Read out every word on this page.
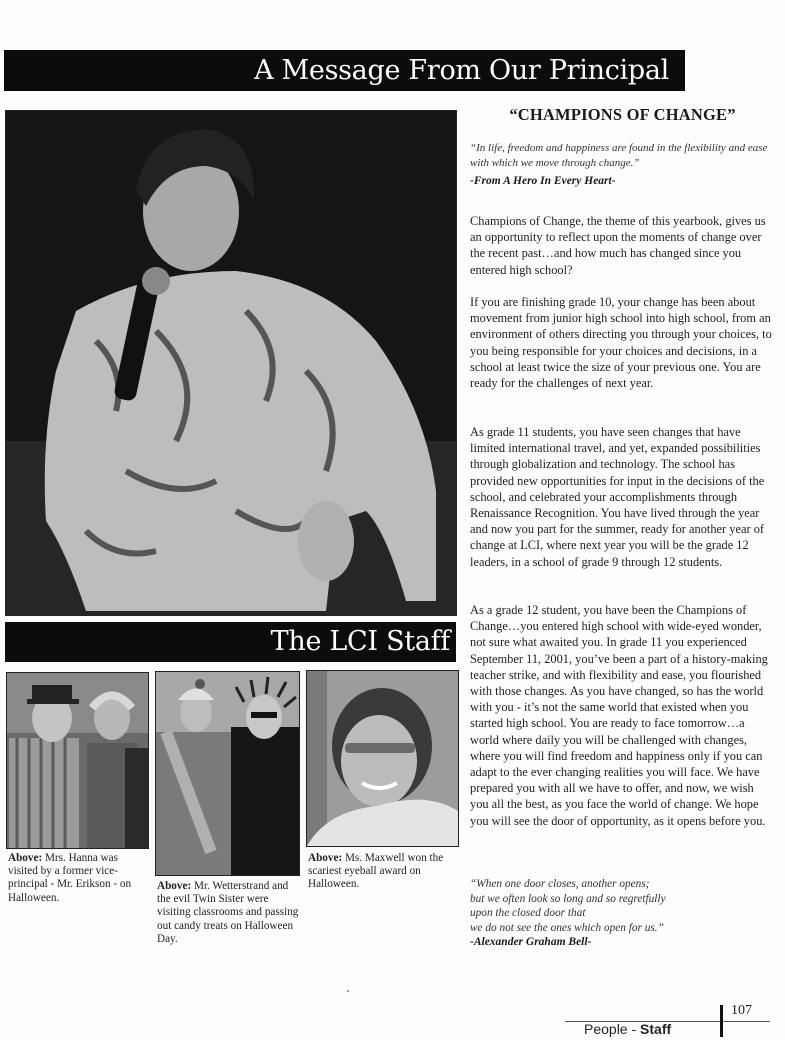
A Message From Our Principal
The LCI Staff
Above: Mrs. Hanna was visited by a former vice-principal - Mr. Erikson - on Halloween.
Above: Mr. Wetterstrand and the evil Twin Sister were visiting classrooms and passing out candy treats on Halloween Day.
Above: Ms. Maxwell won the scariest eyeball award on Halloween.
“CHAMPIONS OF CHANGE”
“In life, freedom and happiness are found in the flexibility and ease with which we move through change.”
-From A Hero In Every Heart-

Champions of Change, the theme of this yearbook, gives us an opportunity to reflect upon the moments of change over the recent past…and how much has changed since you entered high school?

If you are finishing grade 10, your change has been about movement from junior high school into high school, from an environment of others directing you through your choices, to you being responsible for your choices and decisions, in a school at least twice the size of your previous one. You are ready for the challenges of next year.

As grade 11 students, you have seen changes that have limited international travel, and yet, expanded possibilities through globalization and technology. The school has provided new opportunities for input in the decisions of the school, and celebrated your accomplishments through Renaissance Recognition. You have lived through the year and now you part for the summer, ready for another year of change at LCI, where next year you will be the grade 12 leaders, in a school of grade 9 through 12 students.

As a grade 12 student, you have been the Champions of Change…you entered high school with wide-eyed wonder, not sure what awaited you. In grade 11 you experienced September 11, 2001, you’ve been a part of a history-making teacher strike, and with flexibility and ease, you flourished with those changes. As you have changed, so has the world with you - it’s not the same world that existed when you started high school. You are ready to face tomorrow…a world where daily you will be challenged with changes, where you will find freedom and happiness only if you can adapt to the ever changing realities you will face. We have prepared you with all we have to offer, and now, we wish you all the best, as you face the world of change. We hope you will see the door of opportunity, as it opens before you.

“When one door closes, another opens;
but we often look so long and so regretfully
upon the closed door that
we do not see the ones which open for us.”
-Alexander Graham Bell-
People - Staff
107
